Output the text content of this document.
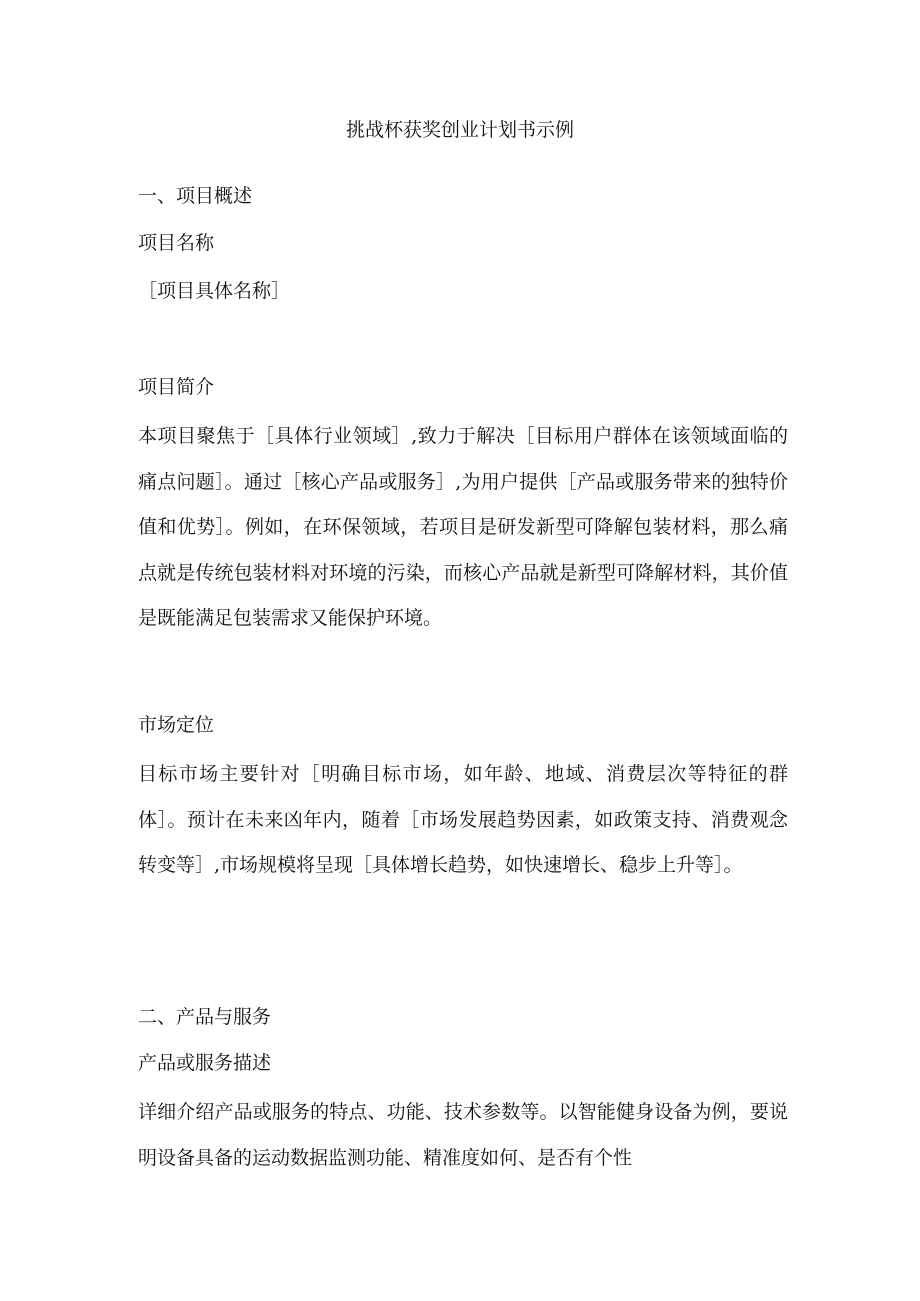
挑战杯获奖创业计划书示例
一、项目概述
项目名称
［项目具体名称］
项目简介
本项目聚焦于［具体行业领域］,致力于解决［目标用户群体在该领域面临的痛点问题］。通过［核心产品或服务］,为用户提供［产品或服务带来的独特价值和优势］。例如，在环保领域，若项目是研发新型可降解包装材料，那么痛点就是传统包装材料对环境的污染，而核心产品就是新型可降解材料，其价值是既能满足包装需求又能保护环境。
市场定位
目标市场主要针对［明确目标市场，如年龄、地域、消费层次等特征的群体］。预计在未来凶年内，随着［市场发展趋势因素，如政策支持、消费观念转变等］,市场规模将呈现［具体增长趋势，如快速增长、稳步上升等］。
二、产品与服务
产品或服务描述
详细介绍产品或服务的特点、功能、技术参数等。以智能健身设备为例，要说明设备具备的运动数据监测功能、精准度如何、是否有个性
